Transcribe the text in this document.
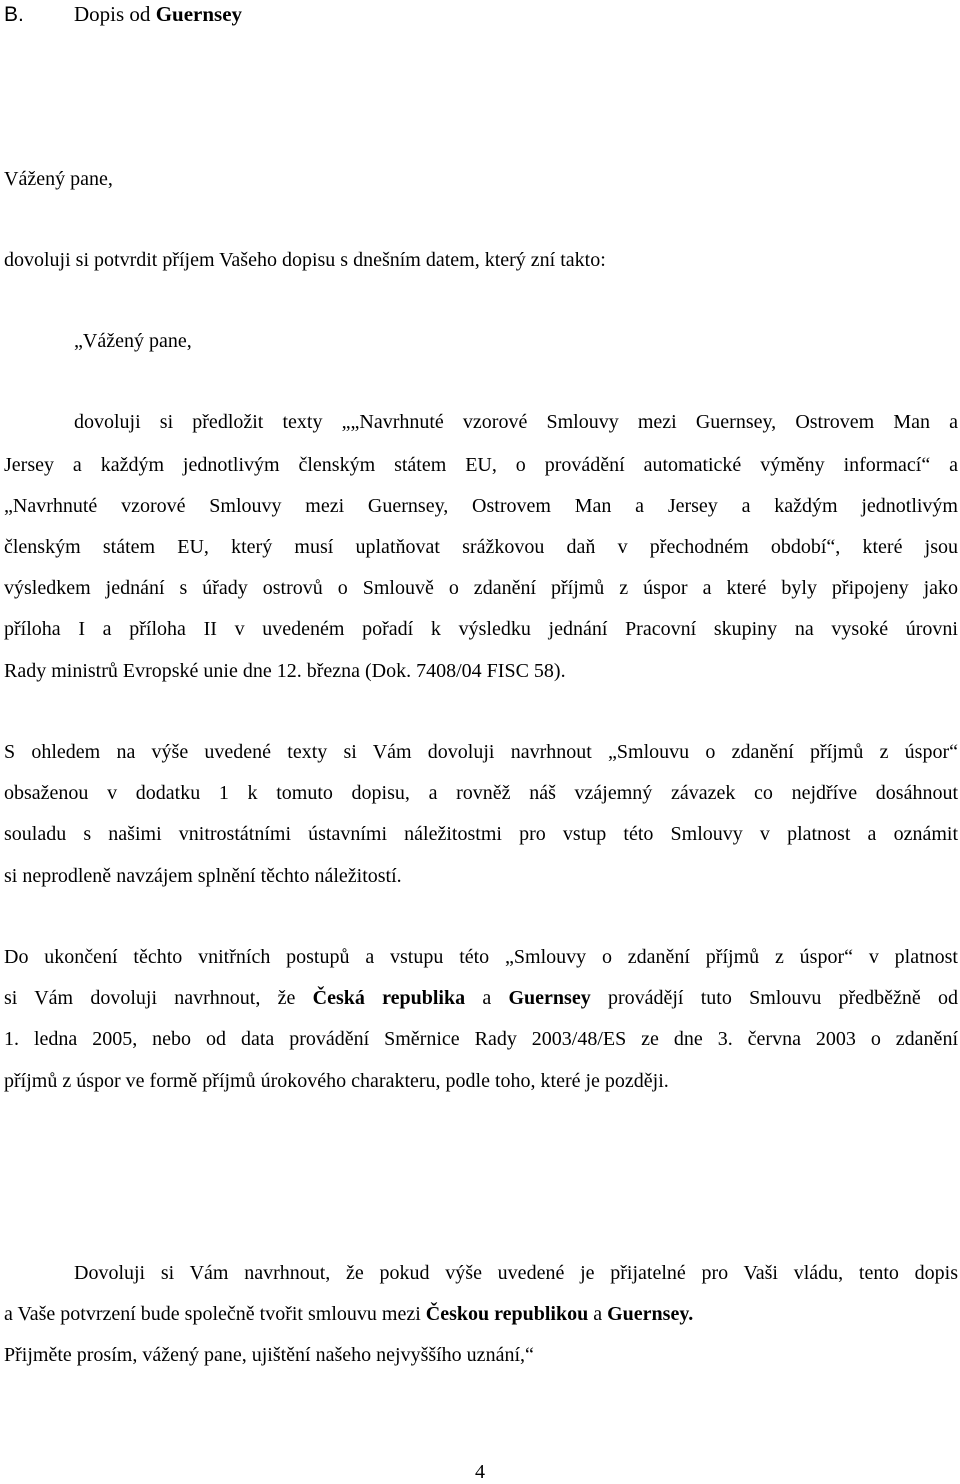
B. Dopis od Guernsey
Vážený pane,
dovoluji si potvrdit příjem Vašeho dopisu s dnešním datem, který zní takto:
„Vážený pane,
dovoluji si předložit texty „„Navrhnuté vzorové Smlouvy mezi Guernsey, Ostrovem Man a
Jersey a každým jednotlivým členským státem EU, o provádění automatické výměny informací“ a
„Navrhnuté vzorové Smlouvy mezi Guernsey, Ostrovem Man a Jersey a každým jednotlivým
členským státem EU, který musí uplatňovat srážkovou daň v přechodném období“, které jsou
výsledkem jednání s úřady ostrovů o Smlouvě o zdanění příjmů z úspor a které byly připojeny jako
příloha I a příloha II v uvedeném pořadí k výsledku jednání Pracovní skupiny na vysoké úrovni
Rady ministrů Evropské unie dne 12. března (Dok. 7408/04 FISC 58).
S ohledem na výše uvedené texty si Vám dovoluji navrhnout „Smlouvu o zdanění příjmů z úspor“
obsaženou v dodatku 1 k tomuto dopisu, a rovněž náš vzájemný závazek co nejdříve dosáhnout
souladu s našimi vnitrostátními ústavními náležitostmi pro vstup této Smlouvy v platnost a oznámit
si neprodleně navzájem splnění těchto náležitostí.
Do ukončení těchto vnitřních postupů a vstupu této „Smlouvy o zdanění příjmů z úspor“ v platnost
si Vám dovoluji navrhnout, že Česká republika a Guernsey provádějí tuto Smlouvu předběžně od
1. ledna 2005, nebo od data provádění Směrnice Rady 2003/48/ES ze dne 3. června 2003 o zdanění
příjmů z úspor ve formě příjmů úrokového charakteru, podle toho, které je později.
Dovoluji si Vám navrhnout, že pokud výše uvedené je přijatelné pro Vaši vládu, tento dopis
a Vaše potvrzení bude společně tvořit smlouvu mezi Českou republikou a Guernsey.
Přijměte prosím, vážený pane, ujištění našeho nejvyššího uznání,“
4
